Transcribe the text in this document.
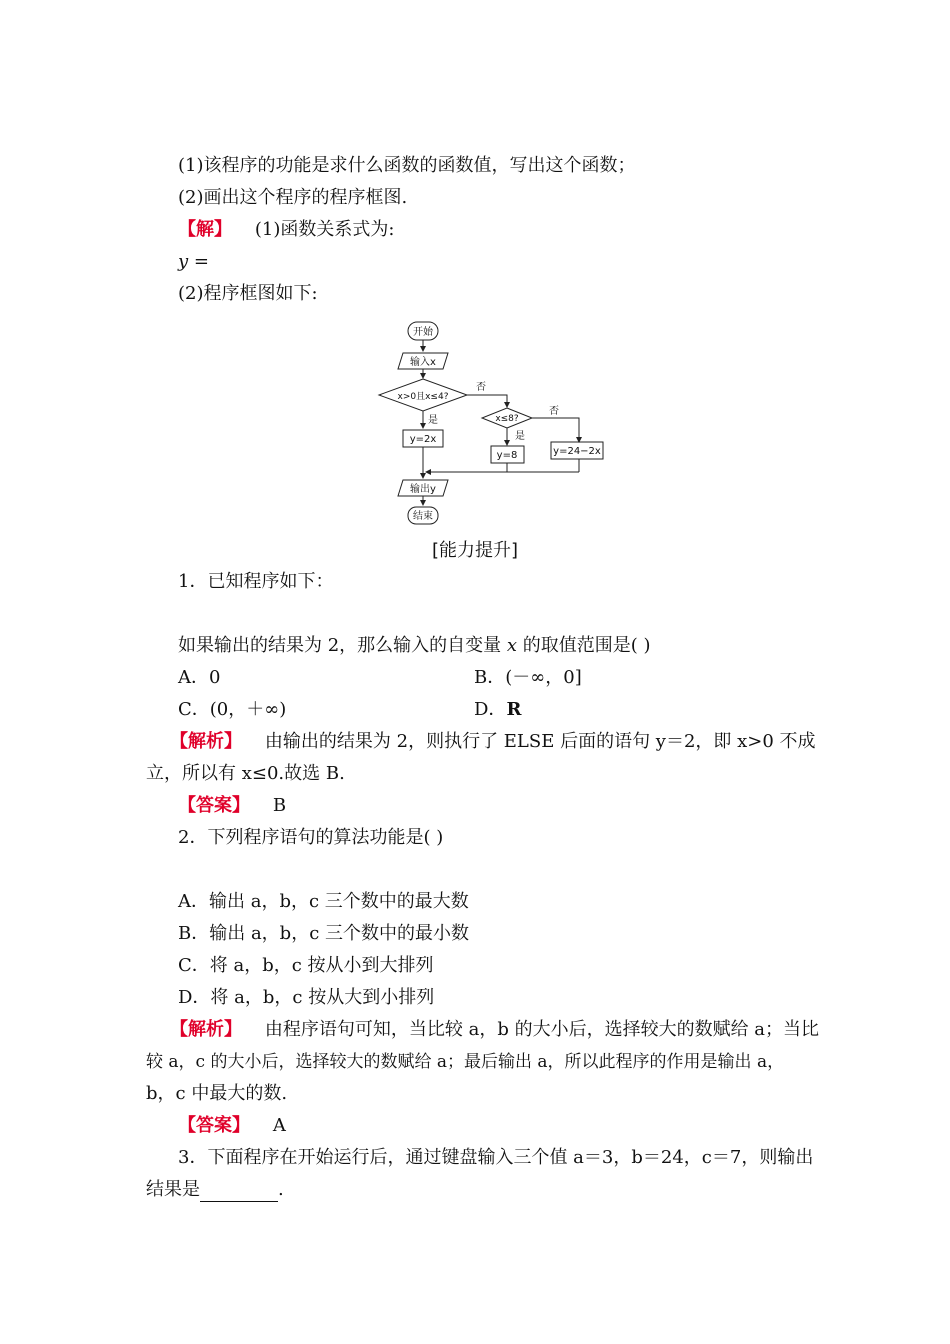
(1)该程序的功能是求什么函数的函数值，写出这个函数；
(2)画出这个程序的程序框图.
【解】 (1)函数关系式为:
y =
(2)程序框图如下:
开始
输入x
x>0且x≤4?
否
是
y=2x
x≤8?
否
是
y=8	y=24−2x
输出y
结束
[能力提升]
1．已知程序如下：
如果输出的结果为 2，那么输入的自变量 x 的取值范围是( )
A．0	B．(－∞，0]
C．(0，＋∞)	D．R
【解析】 由输出的结果为 2，则执行了 ELSE 后面的语句 y＝2，即 x>0 不成
立，所以有 x≤0.故选 B.
【答案】 B
2．下列程序语句的算法功能是( )
A．输出 a，b，c 三个数中的最大数
B．输出 a，b，c 三个数中的最小数
C．将 a，b，c 按从小到大排列
D．将 a，b，c 按从大到小排列
【解析】 由程序语句可知，当比较 a，b 的大小后，选择较大的数赋给 a；当比
较 a，c 的大小后，选择较大的数赋给 a；最后输出 a，所以此程序的作用是输出 a，
b，c 中最大的数.
【答案】 A
3．下面程序在开始运行后，通过键盘输入三个值 a＝3，b＝24，c＝7，则输出
结果是	.
